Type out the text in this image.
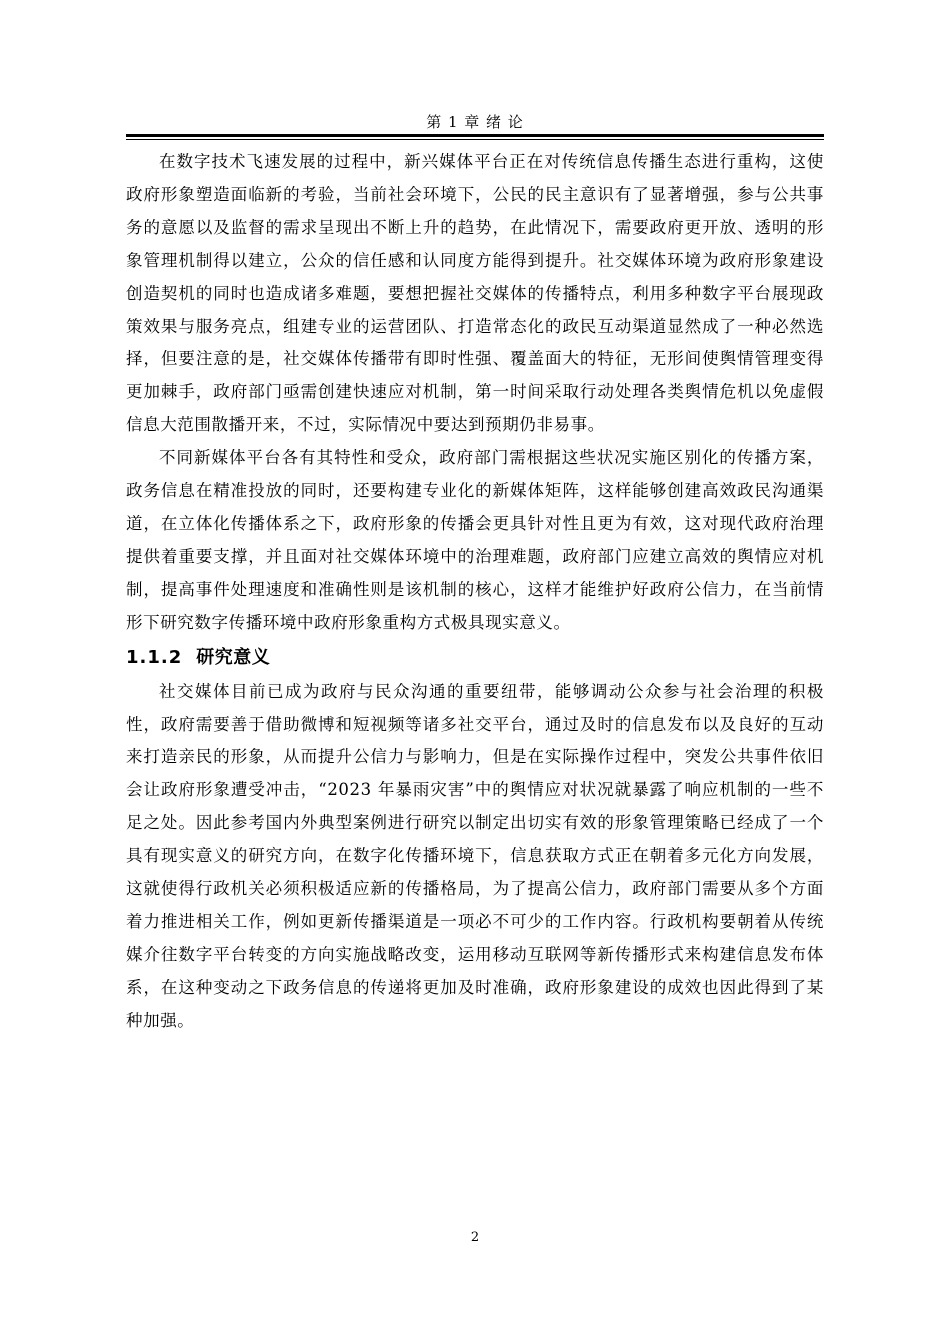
第 1 章 绪 论

在数字技术飞速发展的过程中，新兴媒体平台正在对传统信息传播生态进行重构，这使政府形象塑造面临新的考验，当前社会环境下，公民的民主意识有了显著增强，参与公共事务的意愿以及监督的需求呈现出不断上升的趋势，在此情况下，需要政府更开放、透明的形象管理机制得以建立，公众的信任感和认同度方能得到提升。社交媒体环境为政府形象建设创造契机的同时也造成诸多难题，要想把握社交媒体的传播特点，利用多种数字平台展现政策效果与服务亮点，组建专业的运营团队、打造常态化的政民互动渠道显然成了一种必然选择，但要注意的是，社交媒体传播带有即时性强、覆盖面大的特征，无形间使舆情管理变得更加棘手，政府部门亟需创建快速应对机制，第一时间采取行动处理各类舆情危机以免虚假信息大范围散播开来，不过，实际情况中要达到预期仍非易事。

不同新媒体平台各有其特性和受众，政府部门需根据这些状况实施区别化的传播方案，政务信息在精准投放的同时，还要构建专业化的新媒体矩阵，这样能够创建高效政民沟通渠道，在立体化传播体系之下，政府形象的传播会更具针对性且更为有效，这对现代政府治理提供着重要支撑，并且面对社交媒体环境中的治理难题，政府部门应建立高效的舆情应对机制，提高事件处理速度和准确性则是该机制的核心，这样才能维护好政府公信力，在当前情形下研究数字传播环境中政府形象重构方式极具现实意义。

1.1.2 研究意义

社交媒体目前已成为政府与民众沟通的重要纽带，能够调动公众参与社会治理的积极性，政府需要善于借助微博和短视频等诸多社交平台，通过及时的信息发布以及良好的互动来打造亲民的形象，从而提升公信力与影响力，但是在实际操作过程中，突发公共事件依旧会让政府形象遭受冲击，“2023 年暴雨灾害”中的舆情应对状况就暴露了响应机制的一些不足之处。因此参考国内外典型案例进行研究以制定出切实有效的形象管理策略已经成了一个具有现实意义的研究方向，在数字化传播环境下，信息获取方式正在朝着多元化方向发展，这就使得行政机关必须积极适应新的传播格局，为了提高公信力，政府部门需要从多个方面着力推进相关工作，例如更新传播渠道是一项必不可少的工作内容。行政机构要朝着从传统媒介往数字平台转变的方向实施战略改变，运用移动互联网等新传播形式来构建信息发布体系，在这种变动之下政务信息的传递将更加及时准确，政府形象建设的成效也因此得到了某种加强。

2
